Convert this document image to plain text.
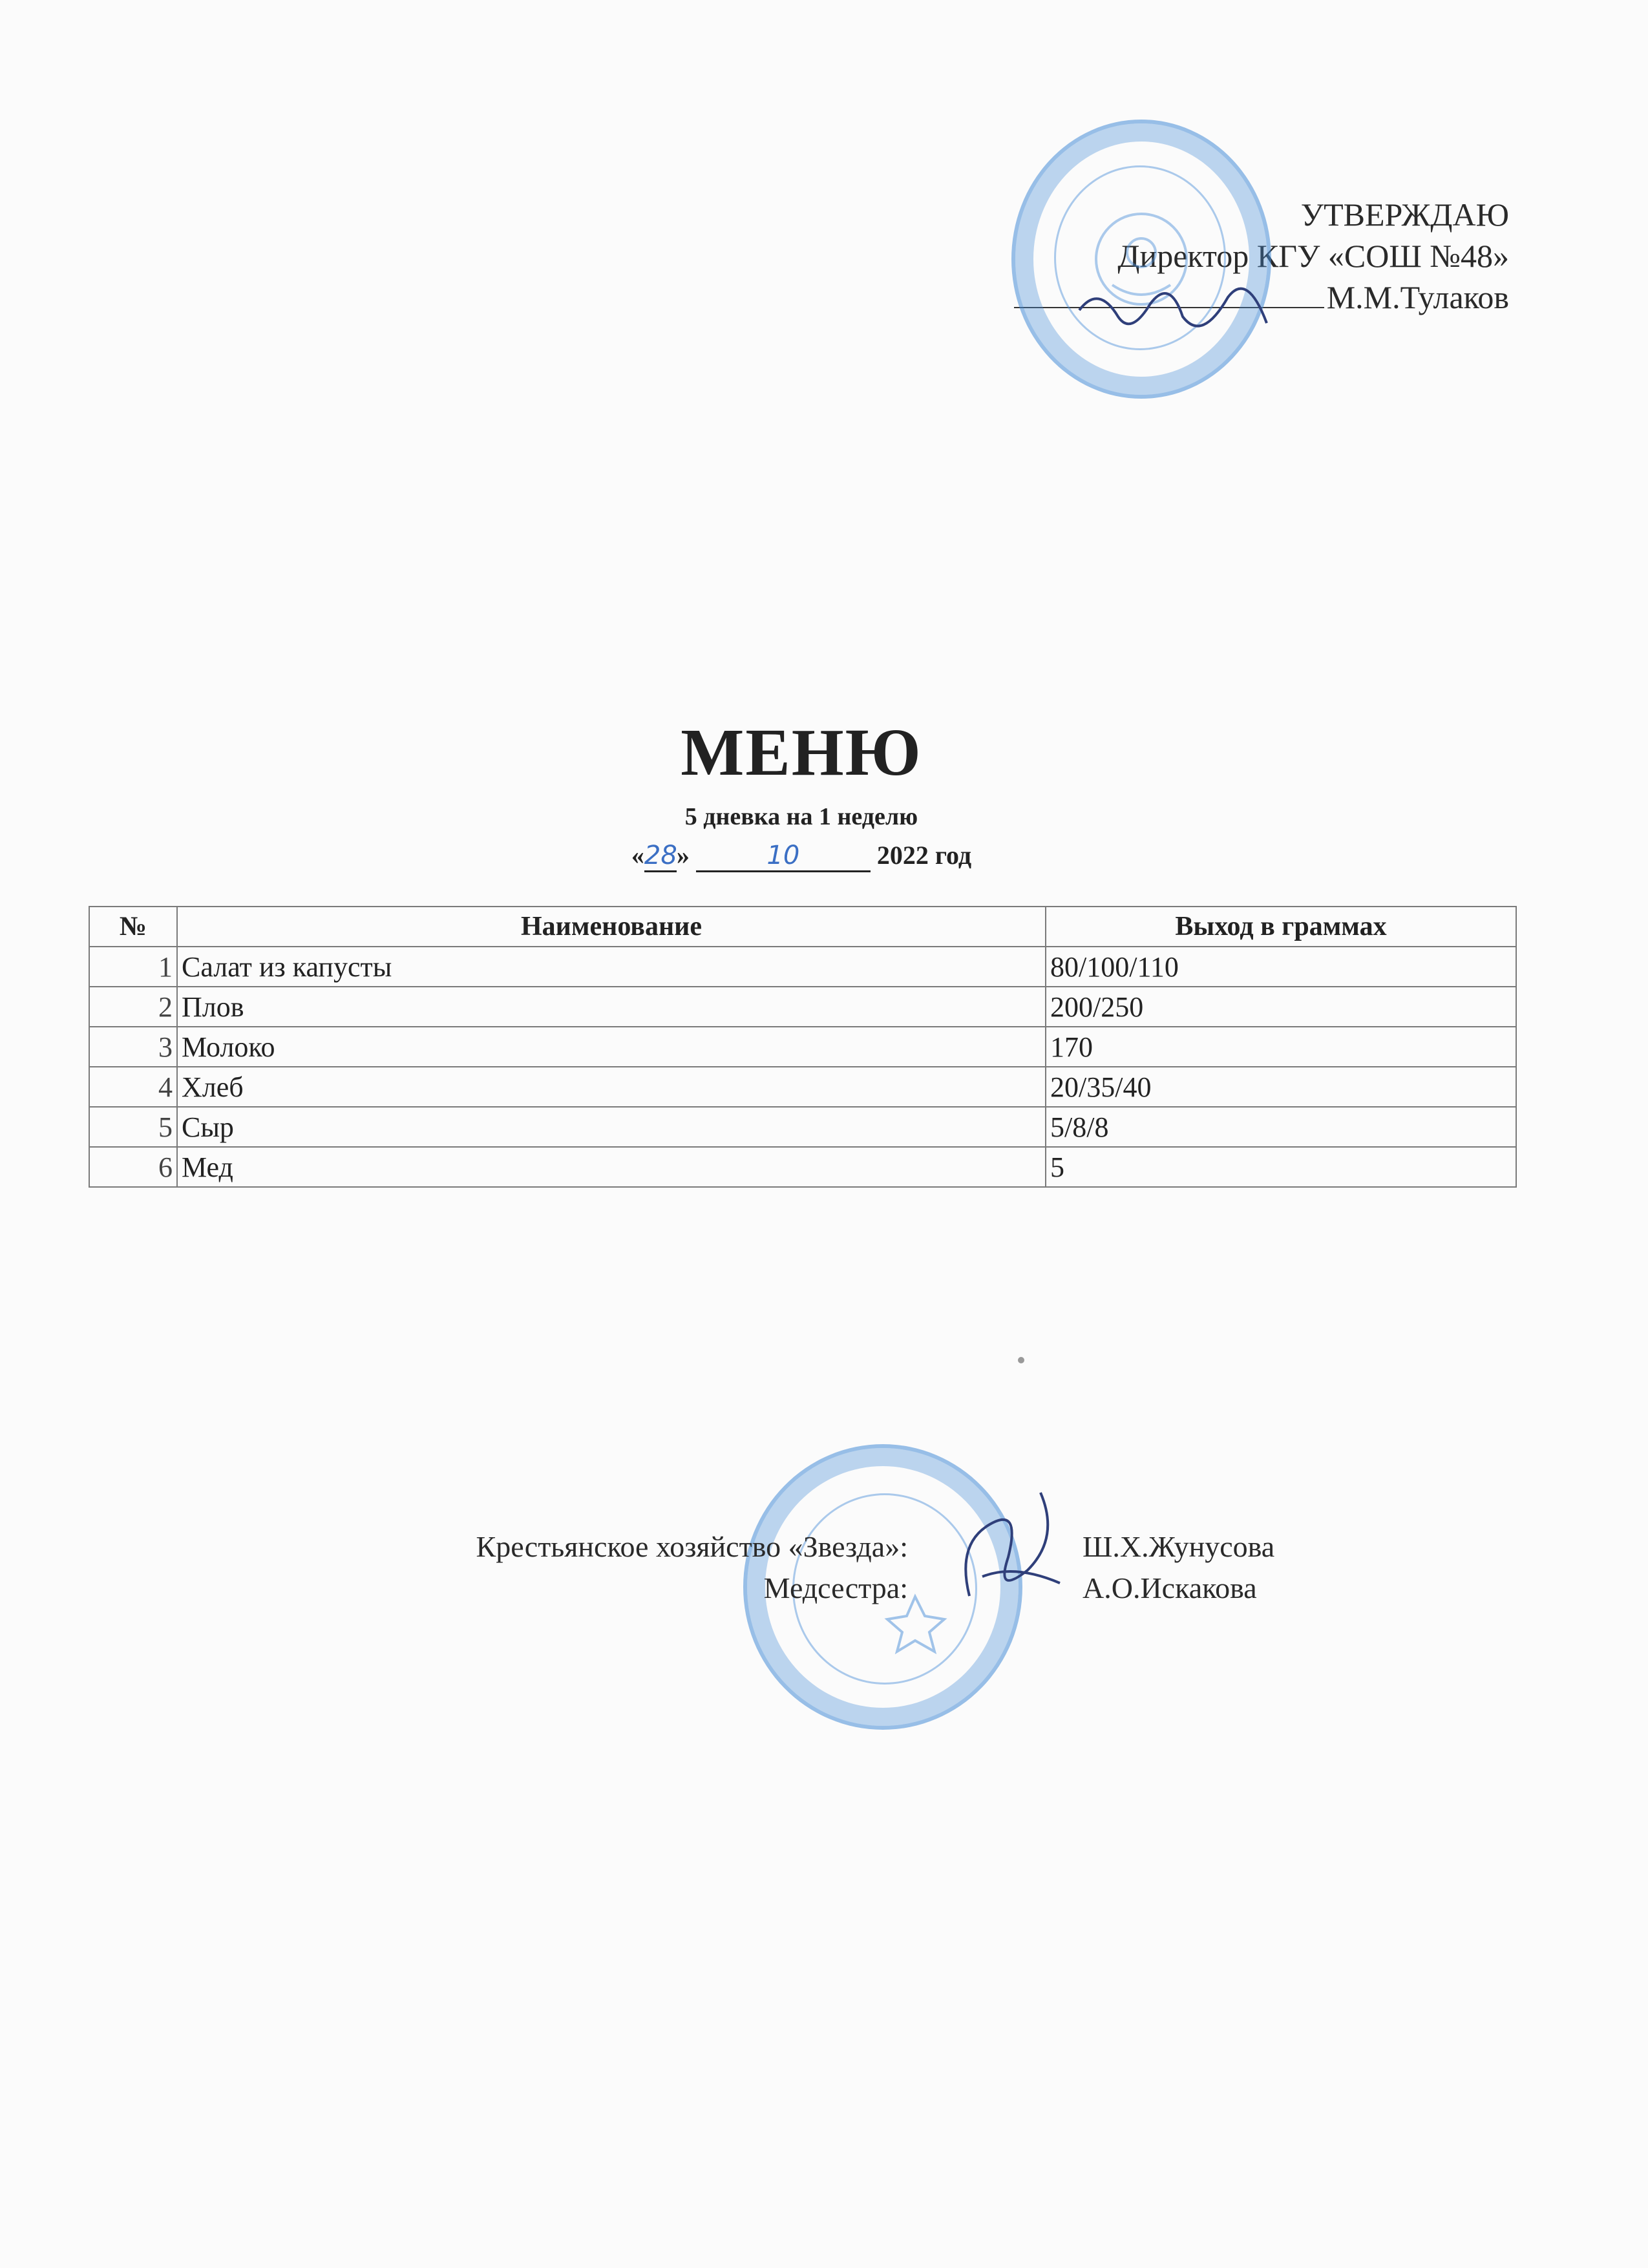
УТВЕРЖДАЮ
Директор КГУ «СОШ №48»
М.М.Тулаков
МЕНЮ
5 дневка на 1 неделю
«28»	10	2022 год
№	Наименование	Выход в граммах
1	Салат из капусты	80/100/110
2	Плов	200/250
3	Молоко	170
4	Хлеб	20/35/40
5	Сыр	5/8/8
6	Мед	5
Крестьянское хозяйство «Звезда»:
Медсестра:
Ш.Х.Жунусова
А.О.Искакова
